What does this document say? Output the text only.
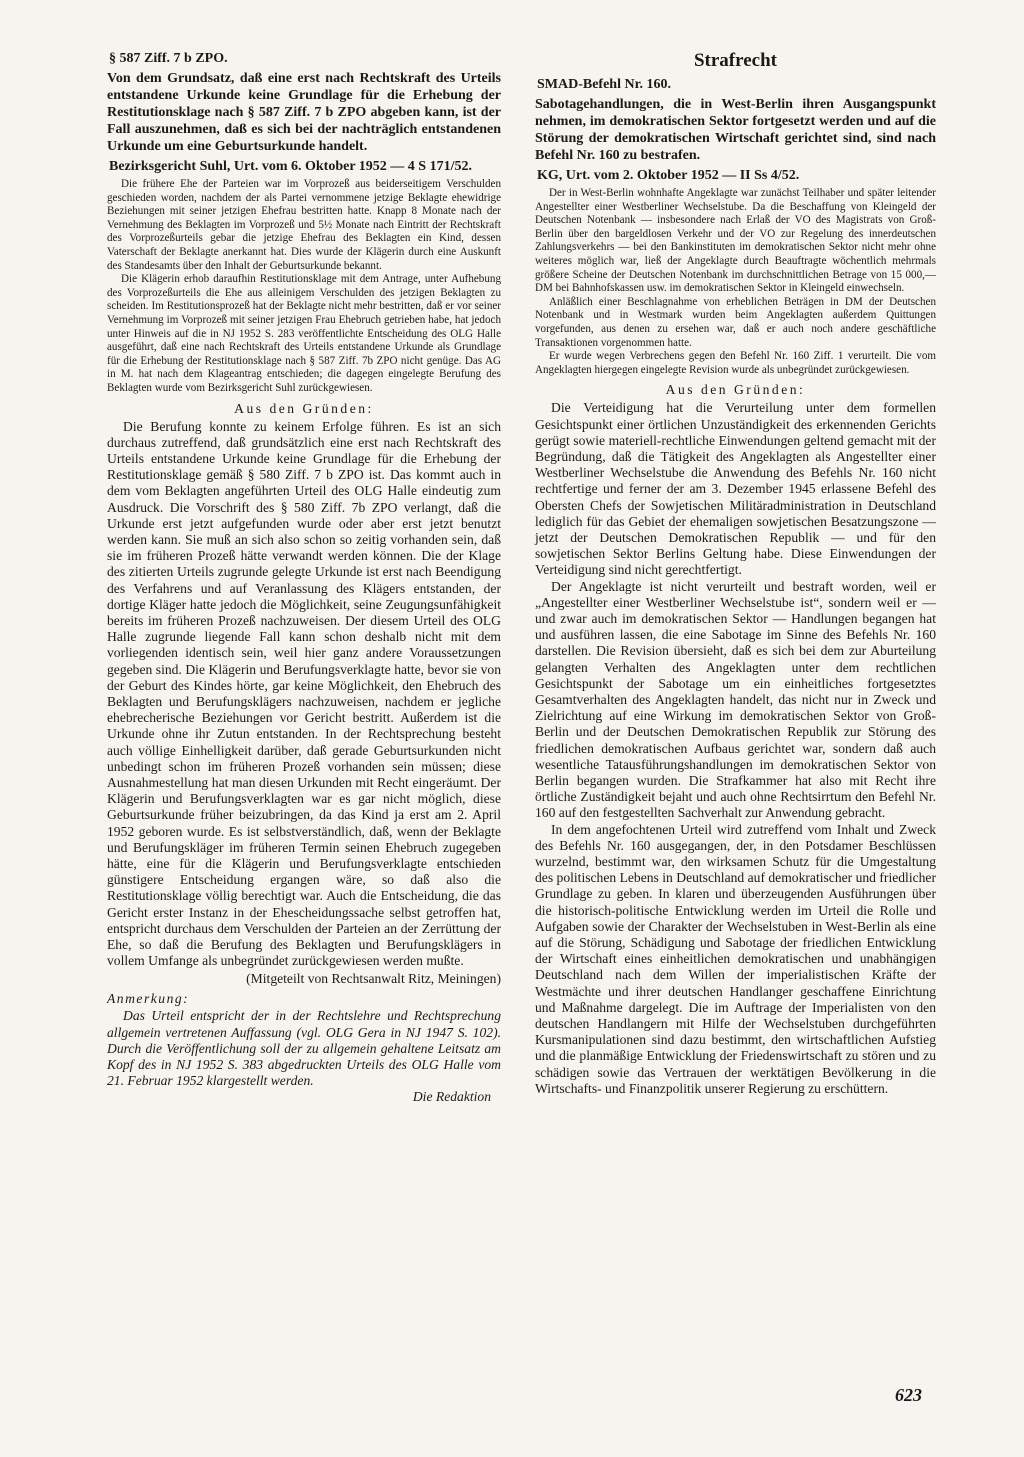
§ 587 Ziff. 7 b ZPO.

Von dem Grundsatz, daß eine erst nach Rechtskraft des Urteils entstandene Urkunde keine Grundlage für die Erhebung der Restitutionsklage nach § 587 Ziff. 7 b ZPO abgeben kann, ist der Fall auszunehmen, daß es sich bei der nachträglich entstandenen Urkunde um eine Geburtsurkunde handelt.

Bezirksgericht Suhl, Urt. vom 6. Oktober 1952 — 4 S 171/52.

Die frühere Ehe der Parteien war im Vorprozeß aus beiderseitigem Verschulden geschieden worden, nachdem der als Partei vernommene jetzige Beklagte ehewidrige Beziehungen mit seiner jetzigen Ehefrau bestritten hatte. Knapp 8 Monate nach der Vernehmung des Beklagten im Vorprozeß und 5½ Monate nach Eintritt der Rechtskraft des Vorprozeßurteils gebar die jetzige Ehefrau des Beklagten ein Kind, dessen Vaterschaft der Beklagte anerkannt hat. Dies wurde der Klägerin durch eine Auskunft des Standesamts über den Inhalt der Geburtsurkunde bekannt.

Die Klägerin erhob daraufhin Restitutionsklage mit dem Antrage, unter Aufhebung des Vorprozeßurteils die Ehe aus alleinigem Verschulden des jetzigen Beklagten zu scheiden. Im Restitutionsprozeß hat der Beklagte nicht mehr bestritten, daß er vor seiner Vernehmung im Vorprozeß mit seiner jetzigen Frau Ehebruch getrieben habe, hat jedoch unter Hinweis auf die in NJ 1952 S. 283 veröffentlichte Entscheidung des OLG Halle ausgeführt, daß eine nach Rechtskraft des Urteils entstandene Urkunde als Grundlage für die Erhebung der Restitutionsklage nach § 587 Ziff. 7b ZPO nicht genüge. Das AG in M. hat nach dem Klageantrag entschieden; die dagegen eingelegte Berufung des Beklagten wurde vom Bezirksgericht Suhl zurückgewiesen.

Aus den Gründen:

Die Berufung konnte zu keinem Erfolge führen. Es ist an sich durchaus zutreffend, daß grundsätzlich eine erst nach Rechtskraft des Urteils entstandene Urkunde keine Grundlage für die Erhebung der Restitutionsklage gemäß § 580 Ziff. 7 b ZPO ist. Das kommt auch in dem vom Beklagten angeführten Urteil des OLG Halle eindeutig zum Ausdruck. Die Vorschrift des § 580 Ziff. 7b ZPO verlangt, daß die Urkunde erst jetzt aufgefunden wurde oder aber erst jetzt benutzt werden kann. Sie muß an sich also schon so zeitig vorhanden sein, daß sie im früheren Prozeß hätte verwandt werden können. Die der Klage des zitierten Urteils zugrunde gelegte Urkunde ist erst nach Beendigung des Verfahrens und auf Veranlassung des Klägers entstanden, der dortige Kläger hatte jedoch die Möglichkeit, seine Zeugungsunfähigkeit bereits im früheren Prozeß nachzuweisen. Der diesem Urteil des OLG Halle zugrunde liegende Fall kann schon deshalb nicht mit dem vorliegenden identisch sein, weil hier ganz andere Voraussetzungen gegeben sind. Die Klägerin und Berufungsverklagte hatte, bevor sie von der Geburt des Kindes hörte, gar keine Möglichkeit, den Ehebruch des Beklagten und Berufungsklägers nachzuweisen, nachdem er jegliche ehebrecherische Beziehungen vor Gericht bestritt. Außerdem ist die Urkunde ohne ihr Zutun entstanden. In der Rechtsprechung besteht auch völlige Einhelligkeit darüber, daß gerade Geburtsurkunden nicht unbedingt schon im früheren Prozeß vorhanden sein müssen; diese Ausnahmestellung hat man diesen Urkunden mit Recht eingeräumt. Der Klägerin und Berufungsverklagten war es gar nicht möglich, diese Geburtsurkunde früher beizubringen, da das Kind ja erst am 2. April 1952 geboren wurde. Es ist selbstverständlich, daß, wenn der Beklagte und Berufungskläger im früheren Termin seinen Ehebruch zugegeben hätte, eine für die Klägerin und Berufungsverklagte entschieden günstigere Entscheidung ergangen wäre, so daß also die Restitutionsklage völlig berechtigt war. Auch die Entscheidung, die das Gericht erster Instanz in der Ehescheidungssache selbst getroffen hat, entspricht durchaus dem Verschulden der Parteien an der Zerrüttung der Ehe, so daß die Berufung des Beklagten und Berufungsklägers in vollem Umfange als unbegründet zurückgewiesen werden mußte.

(Mitgeteilt von Rechtsanwalt Ritz, Meiningen)

Anmerkung:

Das Urteil entspricht der in der Rechtslehre und Rechtsprechung allgemein vertretenen Auffassung (vgl. OLG Gera in NJ 1947 S. 102). Durch die Veröffentlichung soll der zu allgemein gehaltene Leitsatz am Kopf des in NJ 1952 S. 383 abgedruckten Urteils des OLG Halle vom 21. Februar 1952 klargestellt werden.

Die Redaktion

Strafrecht

SMAD-Befehl Nr. 160.

Sabotagehandlungen, die in West-Berlin ihren Ausgangspunkt nehmen, im demokratischen Sektor fortgesetzt werden und auf die Störung der demokratischen Wirtschaft gerichtet sind, sind nach Befehl Nr. 160 zu bestrafen.

KG, Urt. vom 2. Oktober 1952 — II Ss 4/52.

Der in West-Berlin wohnhafte Angeklagte war zunächst Teilhaber und später leitender Angestellter einer Westberliner Wechselstube. Da die Beschaffung von Kleingeld der Deutschen Notenbank — insbesondere nach Erlaß der VO des Magistrats von Groß-Berlin über den bargeldlosen Verkehr und der VO zur Regelung des innerdeutschen Zahlungsverkehrs — bei den Bankinstituten im demokratischen Sektor nicht mehr ohne weiteres möglich war, ließ der Angeklagte durch Beauftragte wöchentlich mehrmals größere Scheine der Deutschen Notenbank im durchschnittlichen Betrage von 15 000,— DM bei Bahnhofskassen usw. im demokratischen Sektor in Kleingeld einwechseln.

Anläßlich einer Beschlagnahme von erheblichen Beträgen in DM der Deutschen Notenbank und in Westmark wurden beim Angeklagten außerdem Quittungen vorgefunden, aus denen zu ersehen war, daß er auch noch andere geschäftliche Transaktionen vorgenommen hatte.

Er wurde wegen Verbrechens gegen den Befehl Nr. 160 Ziff. 1 verurteilt. Die vom Angeklagten hiergegen eingelegte Revision wurde als unbegründet zurückgewiesen.

Aus den Gründen:

Die Verteidigung hat die Verurteilung unter dem formellen Gesichtspunkt einer örtlichen Unzuständigkeit des erkennenden Gerichts gerügt sowie materiell-rechtliche Einwendungen geltend gemacht mit der Begründung, daß die Tätigkeit des Angeklagten als Angestellter einer Westberliner Wechselstube die Anwendung des Befehls Nr. 160 nicht rechtfertige und ferner der am 3. Dezember 1945 erlassene Befehl des Obersten Chefs der Sowjetischen Militäradministration in Deutschland lediglich für das Gebiet der ehemaligen sowjetischen Besatzungszone — jetzt der Deutschen Demokratischen Republik — und für den sowjetischen Sektor Berlins Geltung habe. Diese Einwendungen der Verteidigung sind nicht gerechtfertigt.

Der Angeklagte ist nicht verurteilt und bestraft worden, weil er „Angestellter einer Westberliner Wechselstube ist“, sondern weil er — und zwar auch im demokratischen Sektor — Handlungen begangen hat und ausführen lassen, die eine Sabotage im Sinne des Befehls Nr. 160 darstellen. Die Revision übersieht, daß es sich bei dem zur Aburteilung gelangten Verhalten des Angeklagten unter dem rechtlichen Gesichtspunkt der Sabotage um ein einheitliches fortgesetztes Gesamtverhalten des Angeklagten handelt, das nicht nur in Zweck und Zielrichtung auf eine Wirkung im demokratischen Sektor von Groß-Berlin und der Deutschen Demokratischen Republik zur Störung des friedlichen demokratischen Aufbaus gerichtet war, sondern daß auch wesentliche Tatausführungshandlungen im demokratischen Sektor von Berlin begangen wurden. Die Strafkammer hat also mit Recht ihre örtliche Zuständigkeit bejaht und auch ohne Rechtsirrtum den Befehl Nr. 160 auf den festgestellten Sachverhalt zur Anwendung gebracht.

In dem angefochtenen Urteil wird zutreffend vom Inhalt und Zweck des Befehls Nr. 160 ausgegangen, der, in den Potsdamer Beschlüssen wurzelnd, bestimmt war, den wirksamen Schutz für die Umgestaltung des politischen Lebens in Deutschland auf demokratischer und friedlicher Grundlage zu geben. In klaren und überzeugenden Ausführungen über die historisch-politische Entwicklung werden im Urteil die Rolle und Aufgaben sowie der Charakter der Wechselstuben in West-Berlin als eine auf die Störung, Schädigung und Sabotage der friedlichen Entwicklung der Wirtschaft eines einheitlichen demokratischen und unabhängigen Deutschland nach dem Willen der imperialistischen Kräfte der Westmächte und ihrer deutschen Handlanger geschaffene Einrichtung und Maßnahme dargelegt. Die im Auftrage der Imperialisten von den deutschen Handlangern mit Hilfe der Wechselstuben durchgeführten Kursmanipulationen sind dazu bestimmt, den wirtschaftlichen Aufstieg und die planmäßige Entwicklung der Friedenswirtschaft zu stören und zu schädigen sowie das Vertrauen der werktätigen Bevölkerung in die Wirtschafts- und Finanzpolitik unserer Regierung zu erschüttern.

623
